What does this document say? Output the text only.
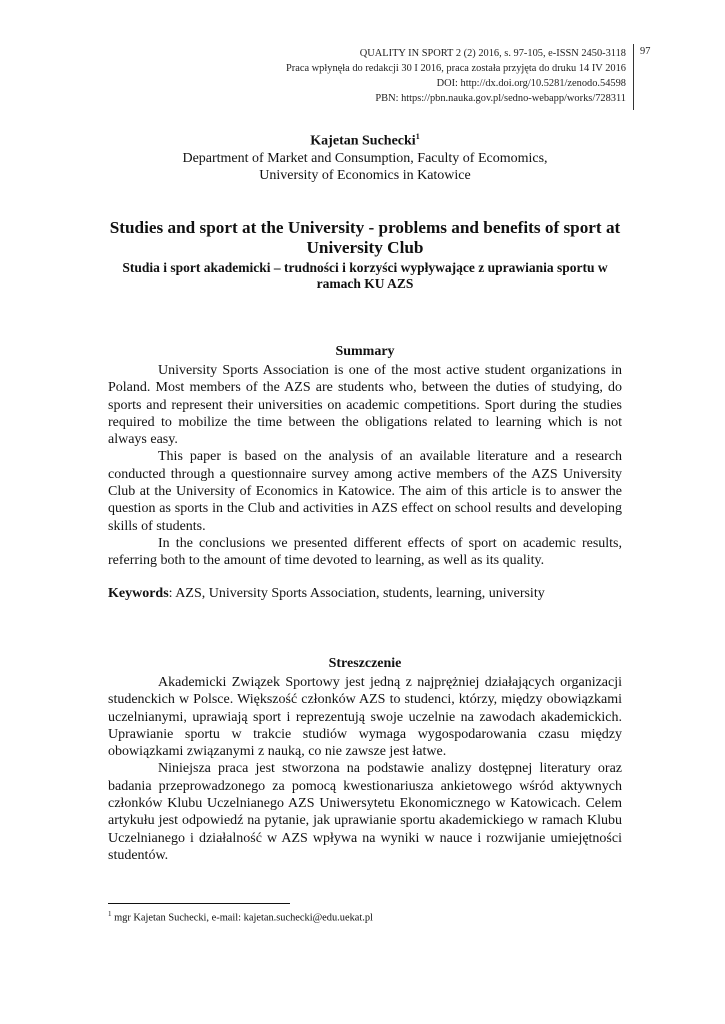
QUALITY IN SPORT 2 (2) 2016, s. 97-105, e-ISSN 2450-3118
Praca wpłynęła do redakcji 30 I 2016, praca została przyjęta do druku 14 IV 2016
DOI: http://dx.doi.org/10.5281/zenodo.54598
PBN: https://pbn.nauka.gov.pl/sedno-webapp/works/728311
97
Kajetan Suchecki$^1$
Department of Market and Consumption, Faculty of Ecomomics,
University of Economics in Katowice
Studies and sport at the University - problems and benefits of sport at University Club
Studia i sport akademicki – trudności i korzyści wypływające z uprawiania sportu w ramach KU AZS
Summary

University Sports Association is one of the most active student organizations in Poland. Most members of the AZS are students who, between the duties of studying, do sports and represent their universities on academic competitions. Sport during the studies required to mobilize the time between the obligations related to learning which is not always easy.

This paper is based on the analysis of an available literature and a research conducted through a questionnaire survey among active members of the AZS University Club at the University of Economics in Katowice. The aim of this article is to answer the question as sports in the Club and activities in AZS effect on school results and developing skills of students.

In the conclusions we presented different effects of sport on academic results, referring both to the amount of time devoted to learning, as well as its quality.

Keywords: AZS, University Sports Association, students, learning, university
Streszczenie

Akademicki Związek Sportowy jest jedną z najprężniej działających organizacji studenckich w Polsce. Większość członków AZS to studenci, którzy, między obowiązkami uczelnianymi, uprawiają sport i reprezentują swoje uczelnie na zawodach akademickich. Uprawianie sportu w trakcie studiów wymaga wygospodarowania czasu między obowiązkami związanymi z nauką, co nie zawsze jest łatwe.

Niniejsza praca jest stworzona na podstawie analizy dostępnej literatury oraz badania przeprowadzonego za pomocą kwestionariusza ankietowego wśród aktywnych członków Klubu Uczelnianego AZS Uniwersytetu Ekonomicznego w Katowicach. Celem artykułu jest odpowiedź na pytanie, jak uprawianie sportu akademickiego w ramach Klubu Uczelnianego i działalność w AZS wpływa na wyniki w nauce i rozwijanie umiejętności studentów.

$^1$ mgr Kajetan Suchecki, e-mail: kajetan.suchecki@edu.uekat.pl
